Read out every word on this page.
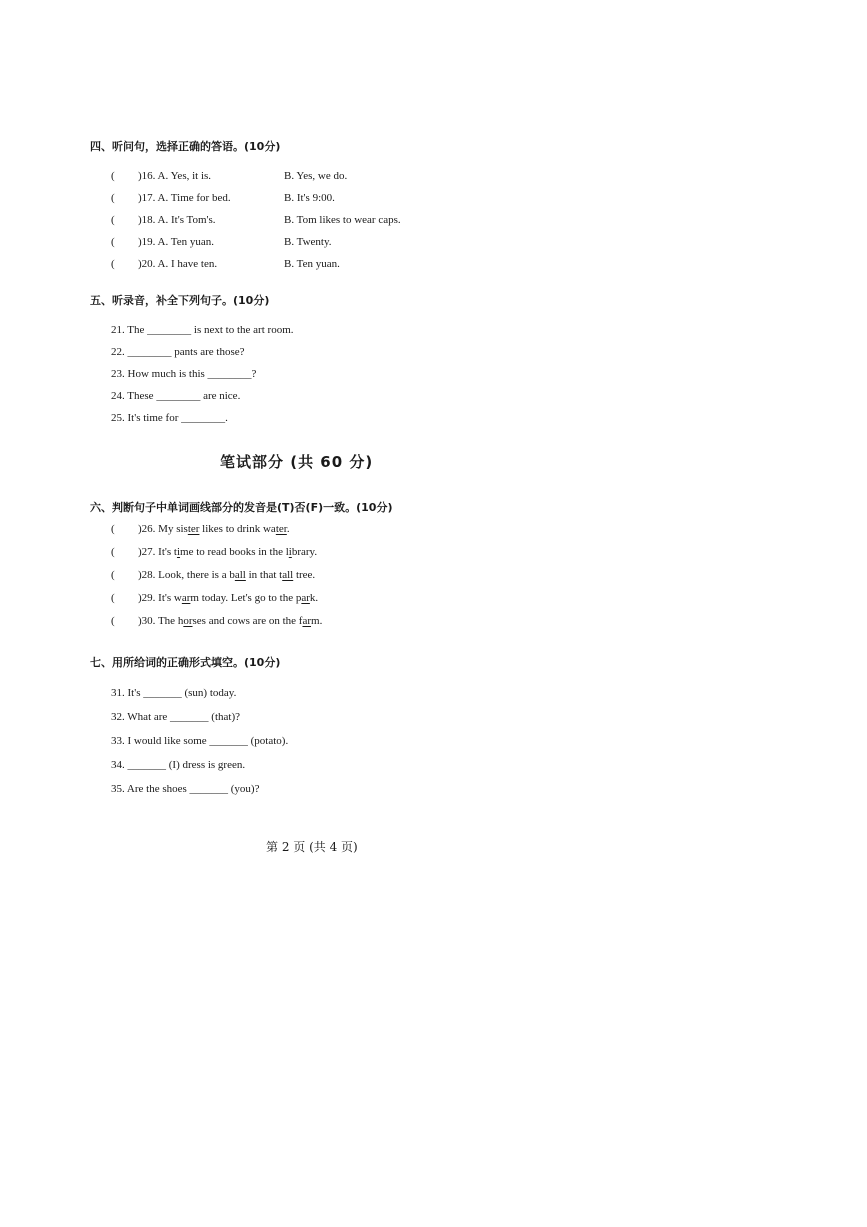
四、听问句，选择正确的答语。(10分)
( )16. A. Yes, it is.	B. Yes, we do.
( )17. A. Time for bed.	B. It's 9:00.
( )18. A. It's Tom's.	B. Tom likes to wear caps.
( )19. A. Ten yuan.	B. Twenty.
( )20. A. I have ten.	B. Ten yuan.
五、听录音，补全下列句子。(10分)
21. The ________ is next to the art room.
22. ________ pants are those?
23. How much is this ________?
24. These ________ are nice.
25. It's time for ________.
笔试部分 (共 60 分)
六、判断句子中单词画线部分的发音是(T)否(F)一致。(10分)
( )26. My sister likes to drink water.
( )27. It's time to read books in the library.
( )28. Look, there is a ball in that tall tree.
( )29. It's warm today. Let's go to the park.
( )30. The horses and cows are on the farm.
七、用所给词的正确形式填空。(10分)
31. It's _______ (sun) today.
32. What are _______ (that)?
33. I would like some _______ (potato).
34. _______ (I) dress is green.
35. Are the shoes _______ (you)?
第 2 页 (共 4 页)
